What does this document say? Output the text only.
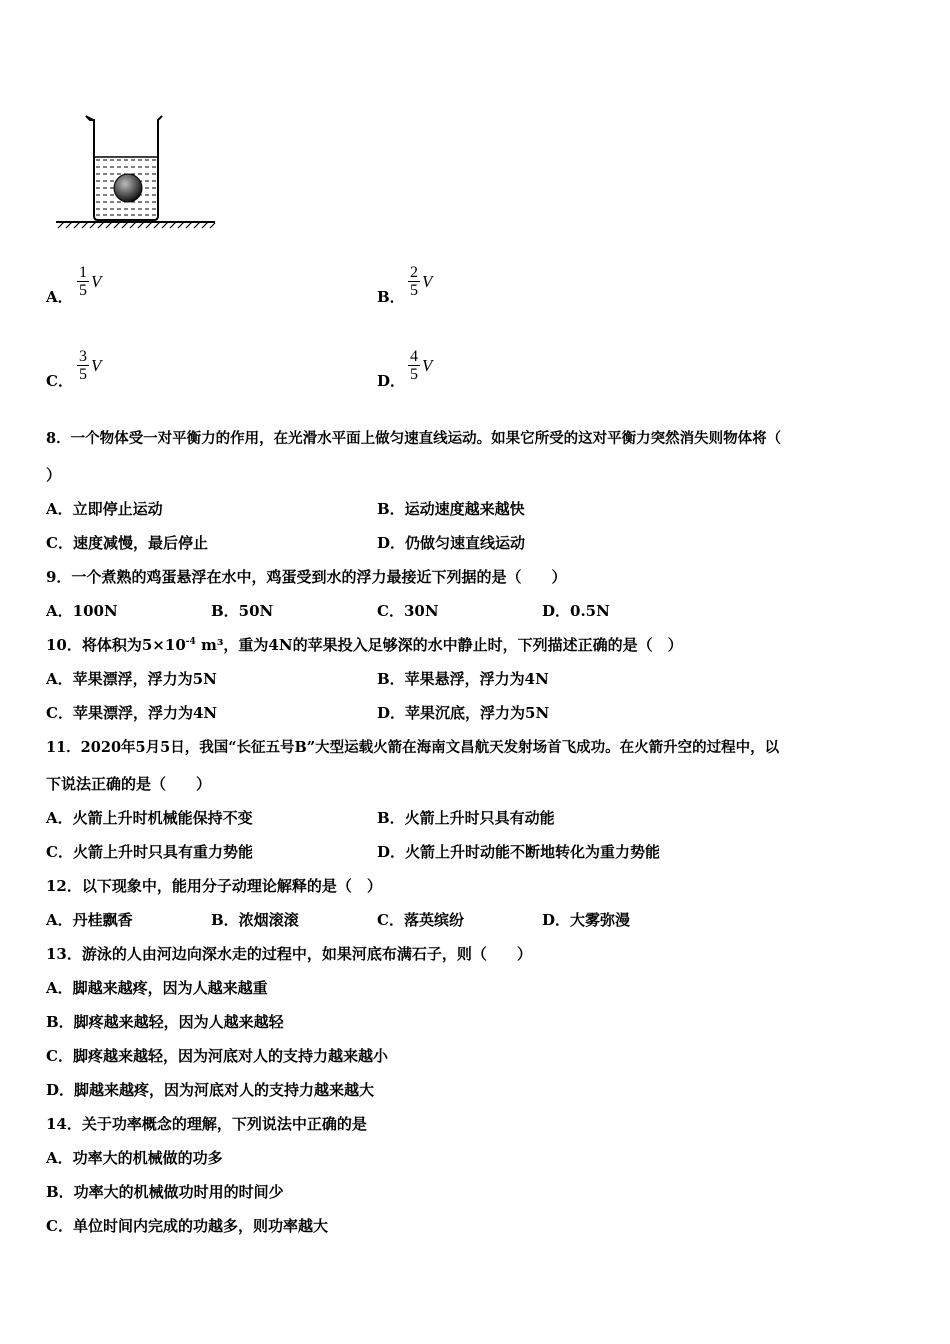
A．
1
5 V
B．
2
5 V
C．
3
5 V
D．
4
5 V
8．一个物体受一对平衡力的作用，在光滑水平面上做匀速直线运动。如果它所受的这对平衡力突然消失则物体将（
）
A．立即停止运动	B．运动速度越来越快
C．速度减慢，最后停止	D．仍做匀速直线运动
9．一个煮熟的鸡蛋悬浮在水中，鸡蛋受到水的浮力最接近下列据的是（　　）
A．100N	B．50N	C．30N	D．0.5N
10．将体积为$5\times 10^{-4}$ m³，重为4N的苹果投入足够深的水中静止时，下列描述正确的是（　）
A．苹果漂浮，浮力为5N	B．苹果悬浮，浮力为4N
C．苹果漂浮，浮力为4N	D．苹果沉底，浮力为5N
11．2020年5月5日，我国“长征五号B”大型运载火箭在海南文昌航天发射场首飞成功。在火箭升空的过程中，以
下说法正确的是（　　）
A．火箭上升时机械能保持不变	B．火箭上升时只具有动能
C．火箭上升时只具有重力势能	D．火箭上升时动能不断地转化为重力势能
12．以下现象中，能用分子动理论解释的是（　）
A．丹桂飘香	B．浓烟滚滚	C．落英缤纷	D．大雾弥漫
13．游泳的人由河边向深水走的过程中，如果河底布满石子，则（　　）
A．脚越来越疼，因为人越来越重
B．脚疼越来越轻，因为人越来越轻
C．脚疼越来越轻，因为河底对人的支持力越来越小
D．脚越来越疼，因为河底对人的支持力越来越大
14．关于功率概念的理解，下列说法中正确的是
A．功率大的机械做的功多
B．功率大的机械做功时用的时间少
C．单位时间内完成的功越多，则功率越大
